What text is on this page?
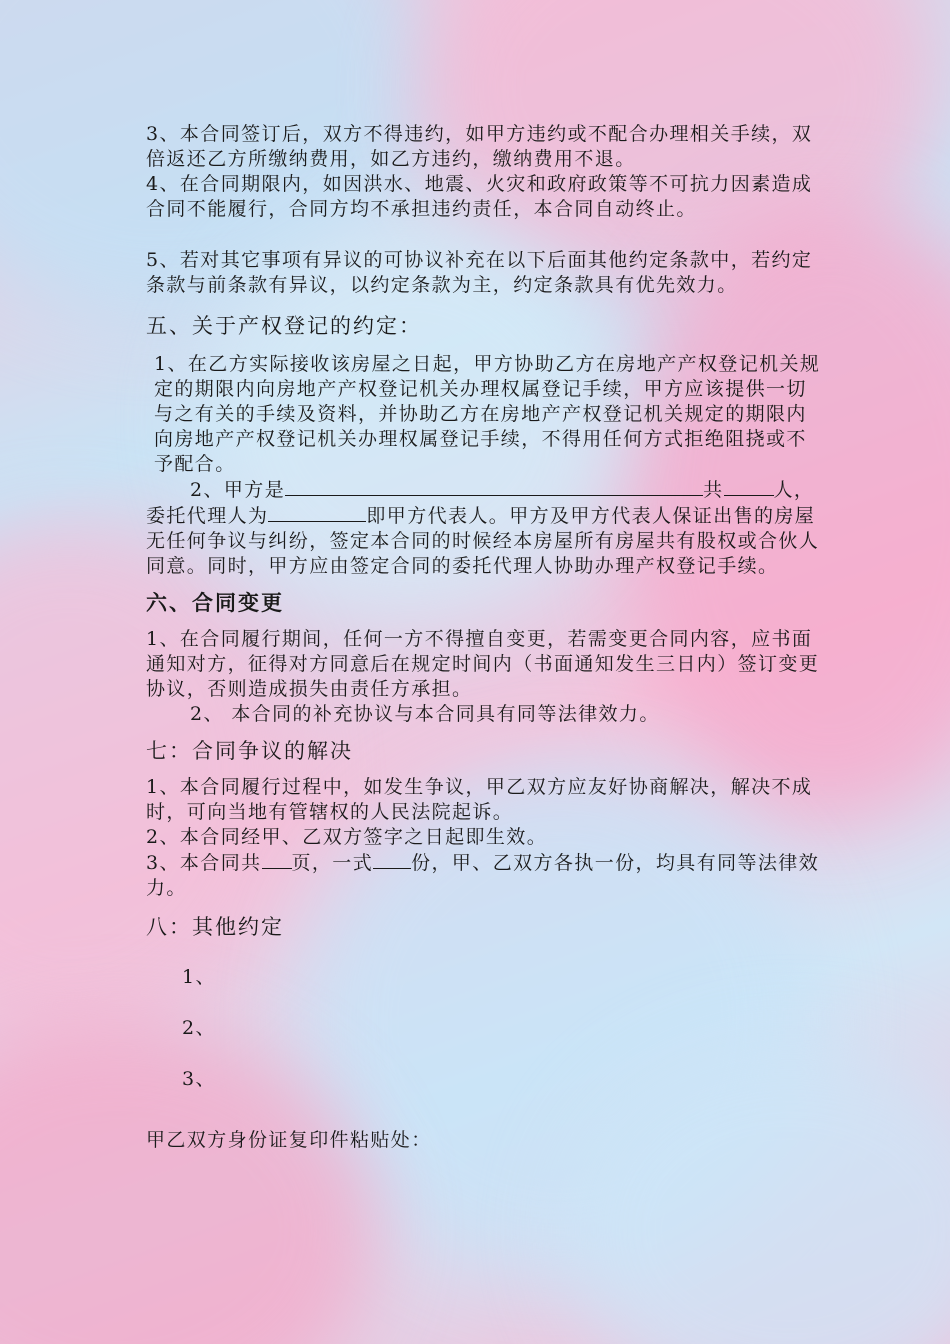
3、本合同签订后，双方不得违约，如甲方违约或不配合办理相关手续，双倍返还乙方所缴纳费用，如乙方违约，缴纳费用不退。

4、在合同期限内，如因洪水、地震、火灾和政府政策等不可抗力因素造成合同不能履行，合同方均不承担违约责任，本合同自动终止。

5、若对其它事项有异议的可协议补充在以下后面其他约定条款中，若约定条款与前条款有异议，以约定条款为主，约定条款具有优先效力。

五、关于产权登记的约定：

1、在乙方实际接收该房屋之日起，甲方协助乙方在房地产产权登记机关规定的期限内向房地产产权登记机关办理权属登记手续，甲方应该提供一切与之有关的手续及资料，并协助乙方在房地产产权登记机关规定的期限内向房地产产权登记机关办理权属登记手续，不得用任何方式拒绝阻挠或不予配合。

2、甲方是	共	人，

委托代理人为	即甲方代表人。甲方及甲方代表人保证出售的房屋无任何争议与纠纷，签定本合同的时候经本房屋所有房屋共有股权或合伙人同意。同时，甲方应由签定合同的委托代理人协助办理产权登记手续。

六、合同变更

1、在合同履行期间，任何一方不得擅自变更，若需变更合同内容，应书面通知对方，征得对方同意后在规定时间内（书面通知发生三日内）签订变更协议，否则造成损失由责任方承担。

2、 本合同的补充协议与本合同具有同等法律效力。

七：合同争议的解决

1、本合同履行过程中，如发生争议，甲乙双方应友好协商解决，解决不成时，可向当地有管辖权的人民法院起诉。

2、本合同经甲、乙双方签字之日起即生效。

3、本合同共 页，一式 份，甲、乙双方各执一份，均具有同等法律效力。

八：其他约定

1、

2、

3、

甲乙双方身份证复印件粘贴处：
